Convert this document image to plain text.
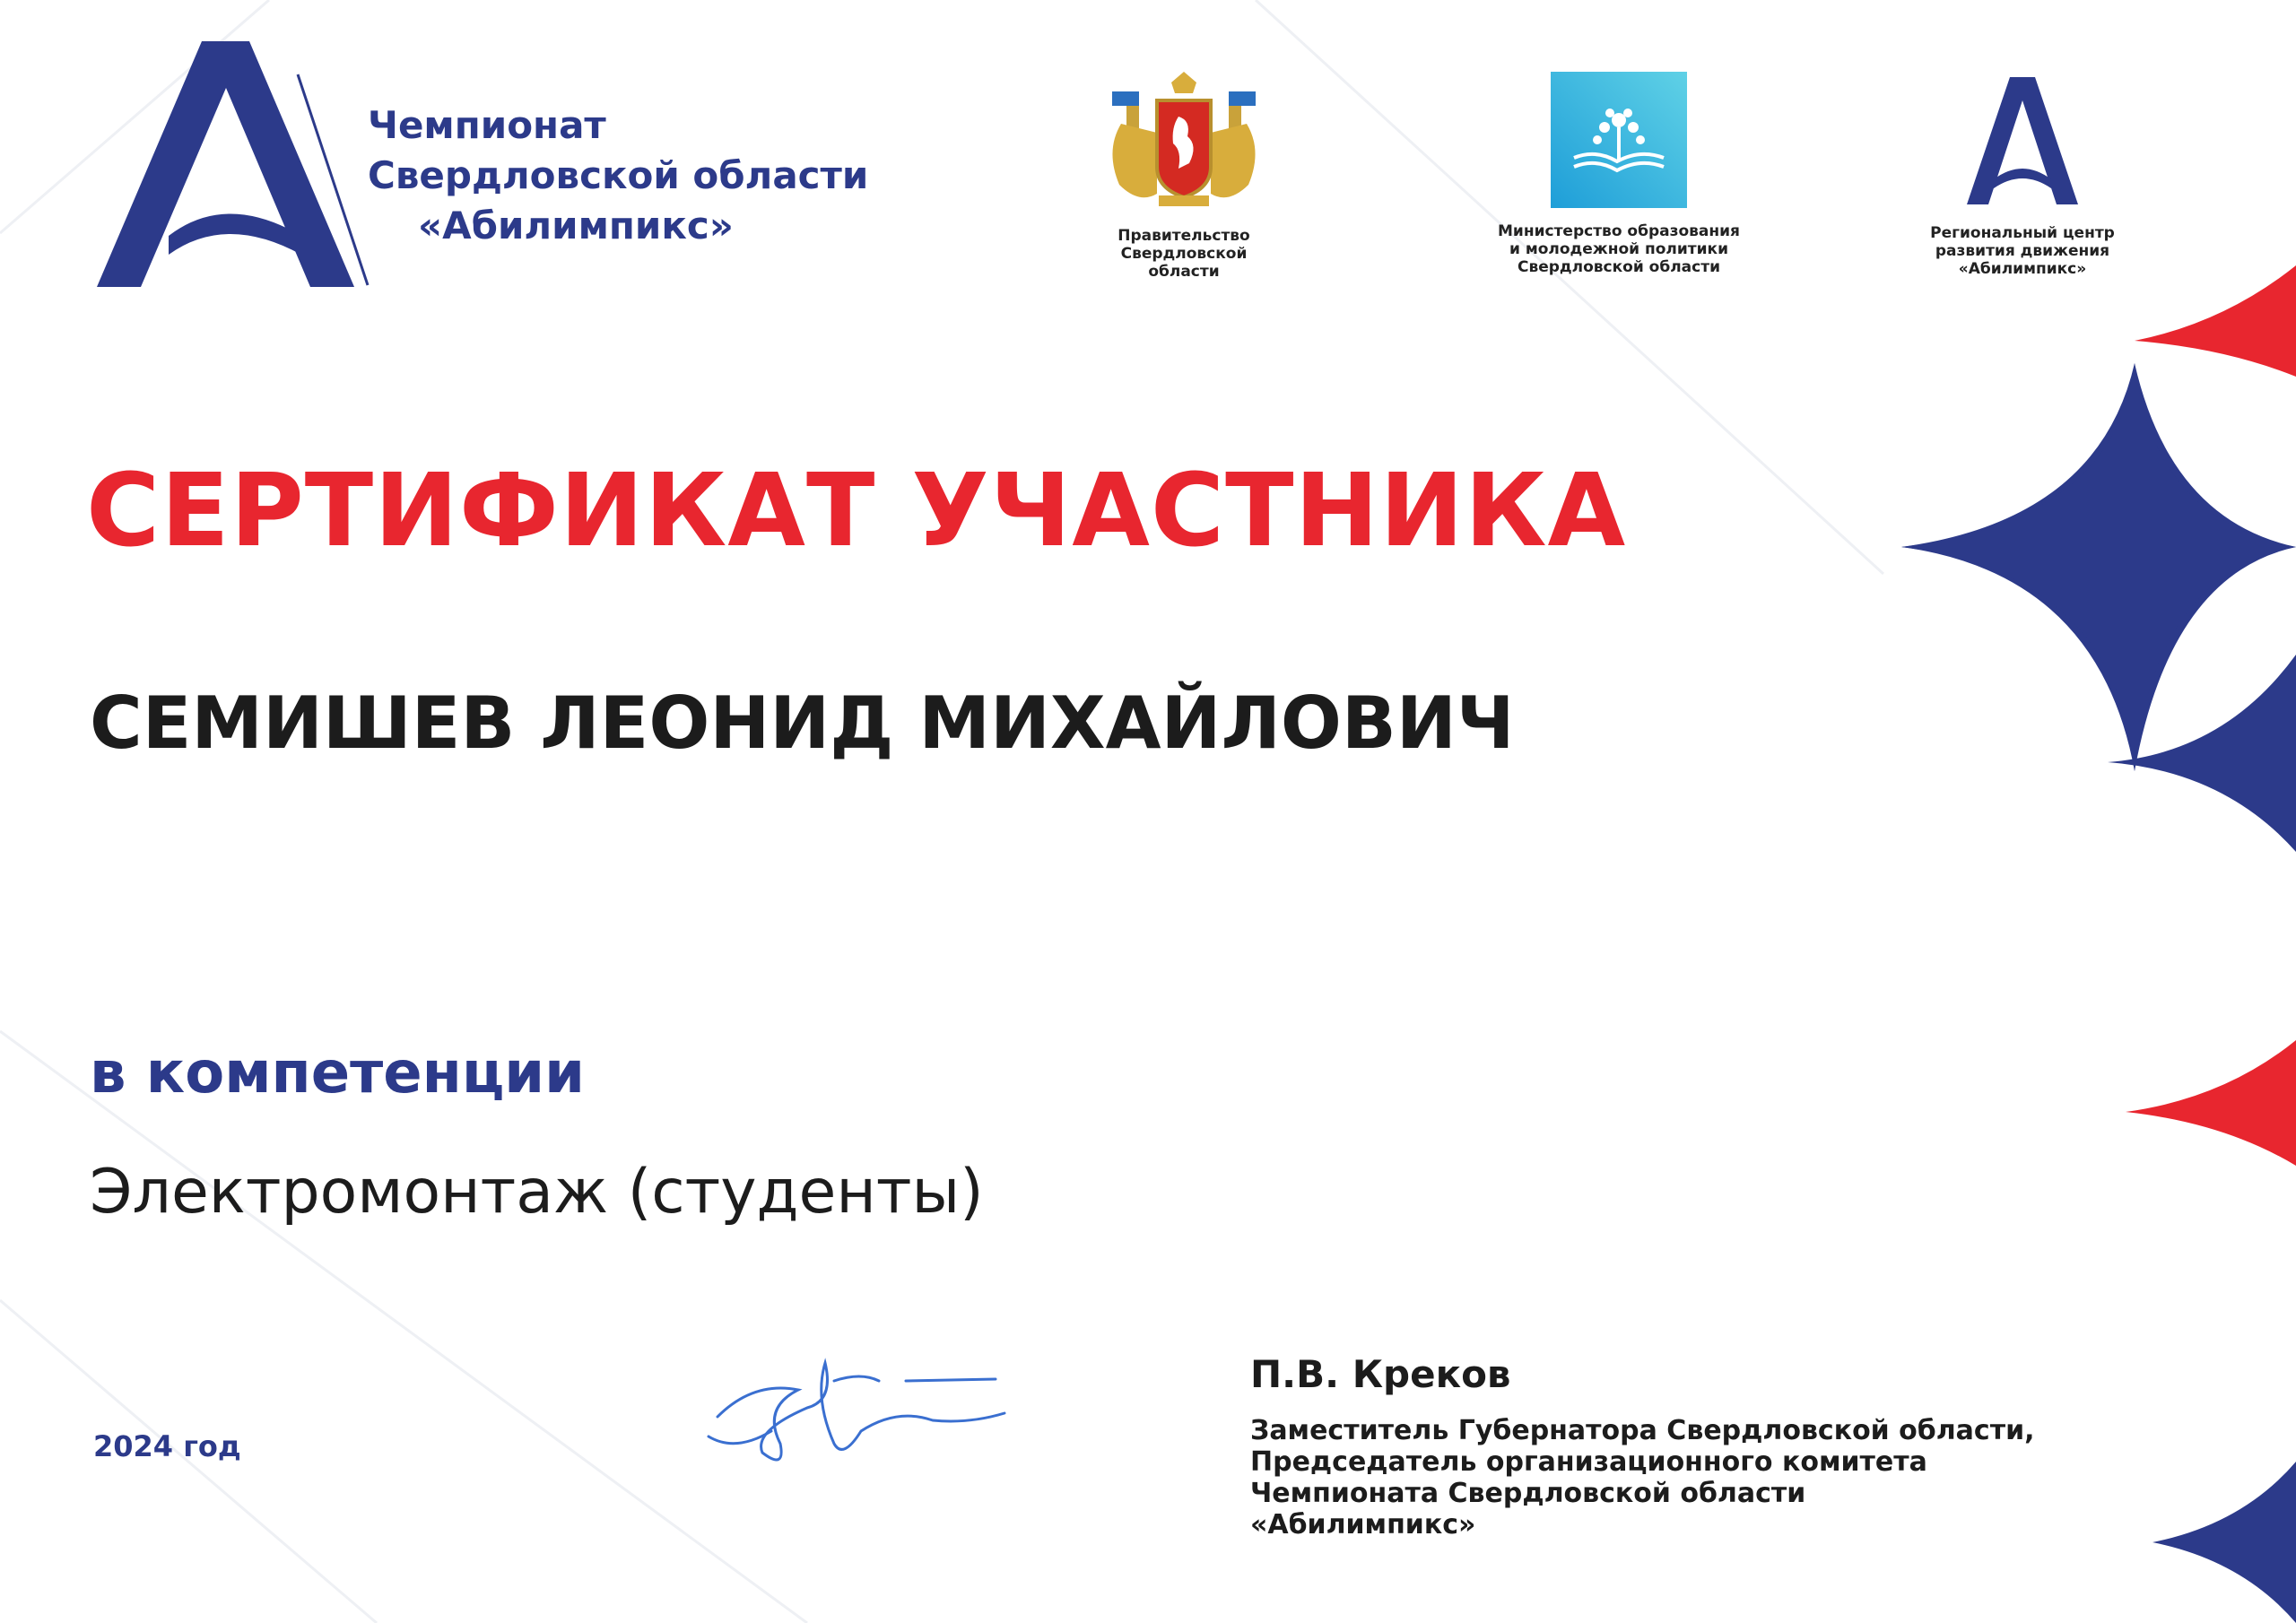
Чемпионат
Свердловской области
«Абилимпикс»	Правительство
Свердловской
области
Министерство образования
и молодежной политики
Свердловской области
Региональный центр
развития движения
«Абилимпикс»
СЕРТИФИКАТ УЧАСТНИКА
СЕМИШЕВ ЛЕОНИД МИХАЙЛОВИЧ
в компетенции
Электромонтаж (студенты)
2024 год
П.В. Креков
Заместитель Губернатора Свердловской области,
Председатель организационного комитета
Чемпионата Свердловской области
«Абилимпикс»
